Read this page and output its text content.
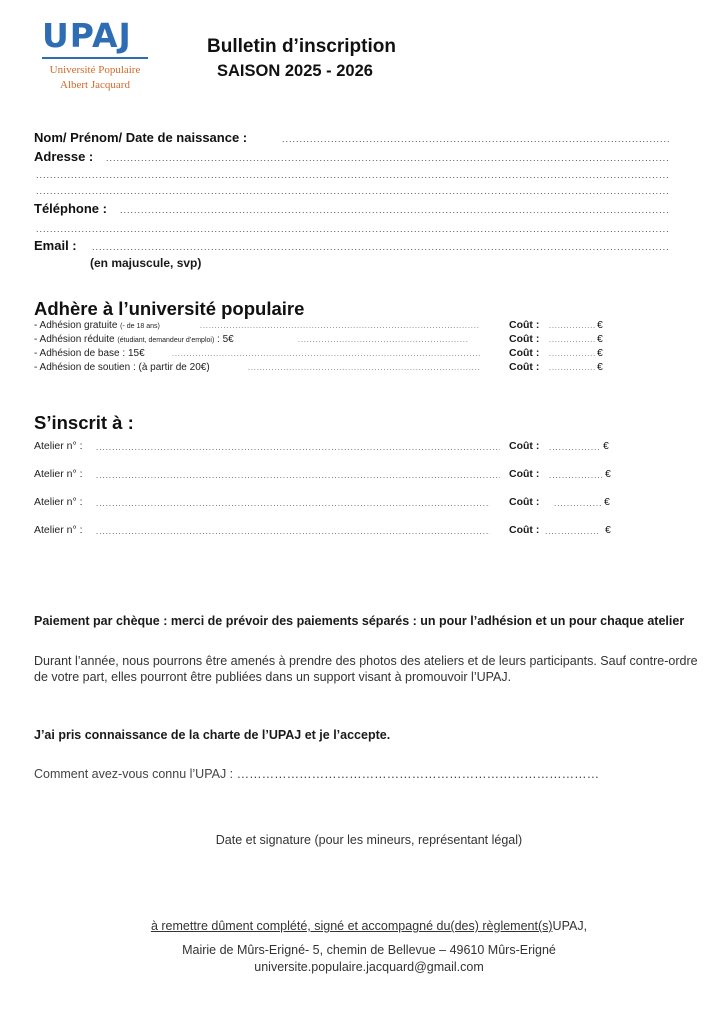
UPAJ
Université Populaire
Albert Jacquard
Bulletin d’inscription
SAISON 2025 - 2026
Nom/ Prénom/ Date de naissance :
.....
Adresse :
.....
.....
.....
Téléphone :
.....
.....
Email :
.....
(en majuscule, svp)
Adhère à l’université populaire
- Adhésion gratuite (- de 18 ans) .....	Coût : .....	€
- Adhésion réduite (étudiant, demandeur d’emploi) : 5€ .....	Coût : .....	€
- Adhésion de base : 15€ .....	Coût : .....	€
- Adhésion de soutien : (à partir de 20€) .....	Coût : .....	€
S’inscrit à :
Atelier n° : .....	Coût : .....	€
Atelier n° : .....	Coût : .....	€
Atelier n° : .....	Coût : .....	€
Atelier n° : .....	Coût : .....	€
Paiement par chèque : merci de prévoir des paiements séparés : un pour l’adhésion et un pour chaque atelier
Durant l’année, nous pourrons être amenés à prendre des photos des ateliers et de leurs participants. Sauf contre-ordre de votre part, elles pourront être publiées dans un support visant à promouvoir l’UPAJ.
J’ai pris connaissance de la charte de l’UPAJ et je l’accepte.
Comment avez-vous connu l’UPAJ : ……………………………………………………………………………
Date et signature (pour les mineurs, représentant légal)
à remettre dûment complété, signé et accompagné du(des) règlement(s)UPAJ,
Mairie de Mûrs-Erigné- 5, chemin de Bellevue – 49610 Mûrs-Erigné
universite.populaire.jacquard@gmail.com
